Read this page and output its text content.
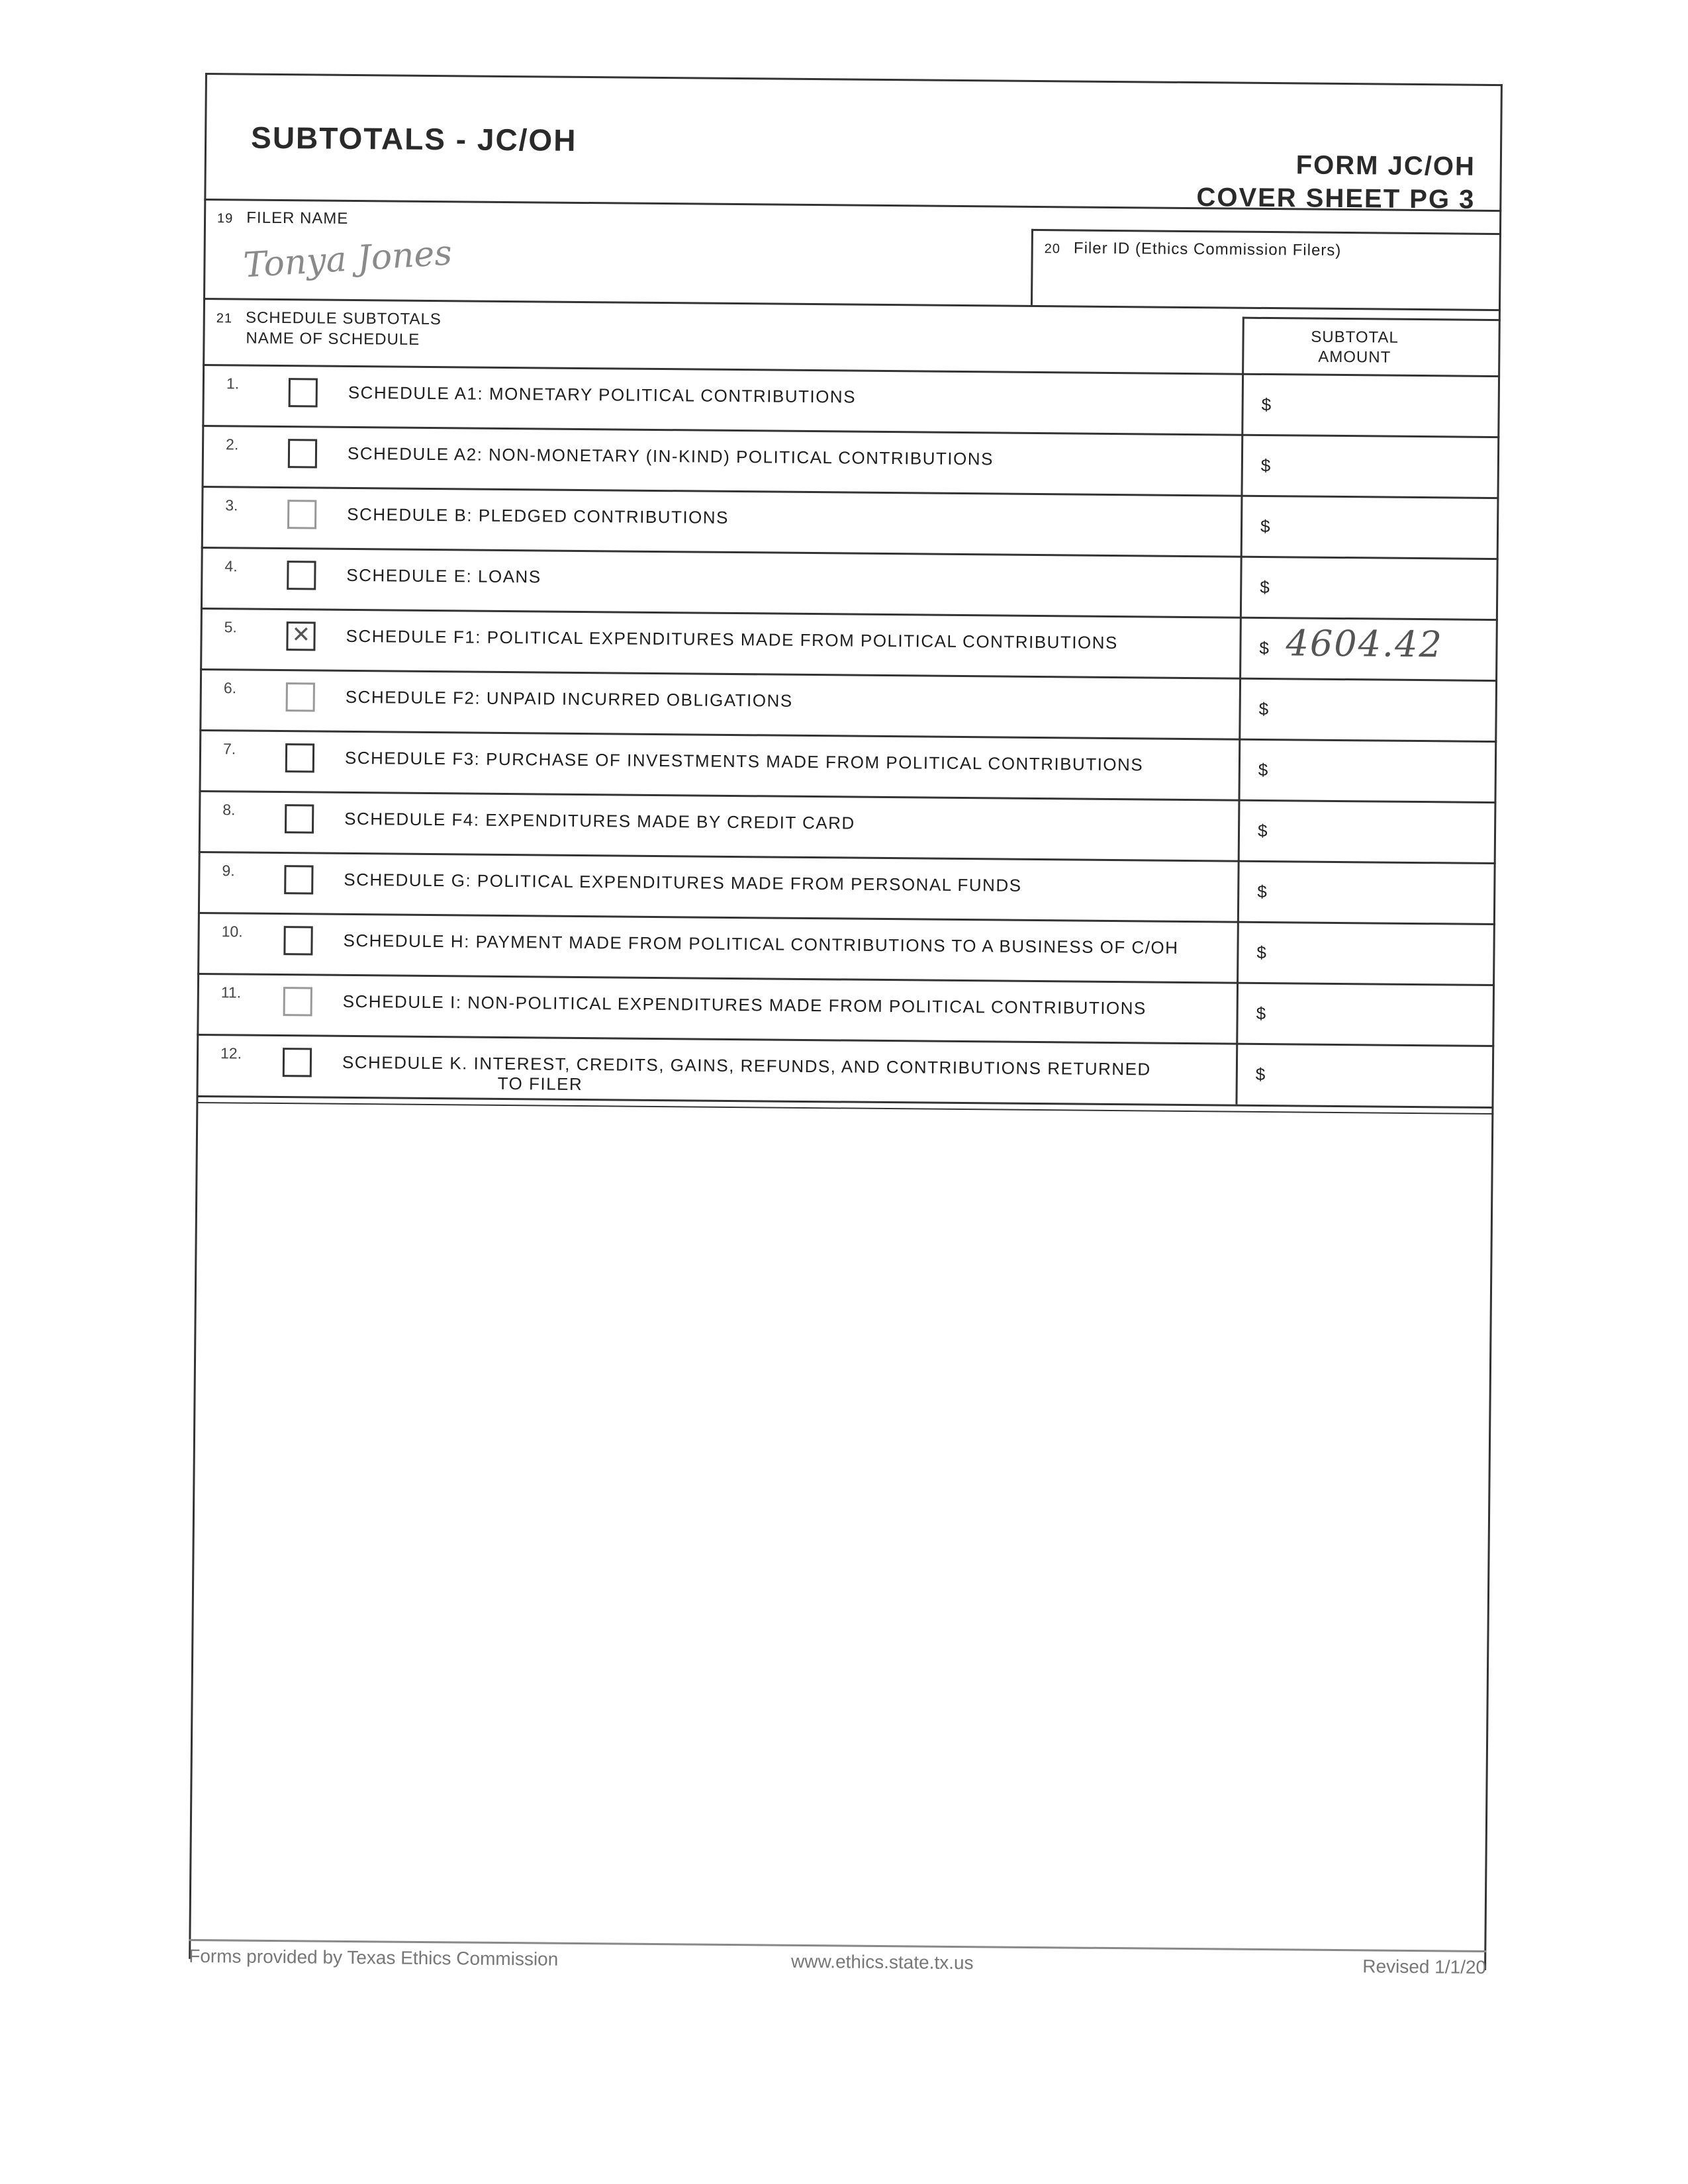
SUBTOTALS - JC/OH
FORM JC/OH
COVER SHEET PG 3
19 FILER NAME
Tonya Jones	20 Filer ID (Ethics Commission Filers)
21 SCHEDULE SUBTOTALS
NAME OF SCHEDULE	SUBTOTAL
AMOUNT
1.	SCHEDULE A1: MONETARY POLITICAL CONTRIBUTIONS	$
2.	SCHEDULE A2: NON-MONETARY (IN-KIND) POLITICAL CONTRIBUTIONS	$
3.	SCHEDULE B: PLEDGED CONTRIBUTIONS	$
4.	SCHEDULE E: LOANS
$
5.
✕	SCHEDULE F1: POLITICAL EXPENDITURES MADE FROM POLITICAL CONTRIBUTIONS	$ 4604.42
6.	SCHEDULE F2: UNPAID INCURRED OBLIGATIONS	$
7.	SCHEDULE F3: PURCHASE OF INVESTMENTS MADE FROM POLITICAL CONTRIBUTIONS	$
8.	SCHEDULE F4: EXPENDITURES MADE BY CREDIT CARD	$
9.	SCHEDULE G: POLITICAL EXPENDITURES MADE FROM PERSONAL FUNDS	$
10.	SCHEDULE H: PAYMENT MADE FROM POLITICAL CONTRIBUTIONS TO A BUSINESS OF C/OH	$
11.	SCHEDULE I: NON-POLITICAL EXPENDITURES MADE FROM POLITICAL CONTRIBUTIONS	$
12.	SCHEDULE K. INTEREST, CREDITS, GAINS, REFUNDS, AND CONTRIBUTIONS RETURNED
TO FILER	$
Forms provided by Texas Ethics Commission	www.ethics.state.tx.us	Revised 1/1/20
